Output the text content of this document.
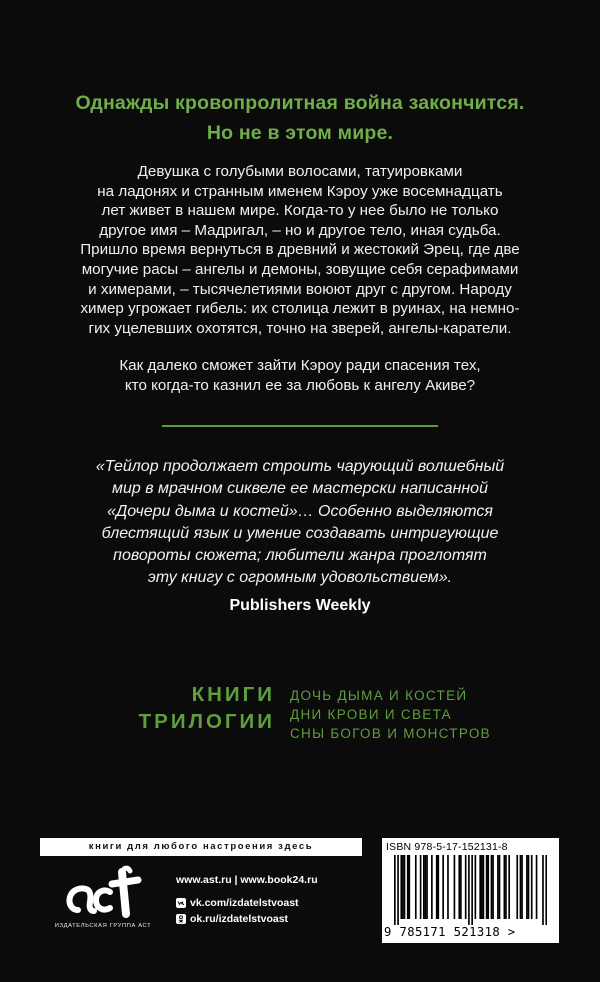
Однажды кровопролитная война закончится.
Но не в этом мире.
Девушка с голубыми волосами, татуировками
на ладонях и странным именем Кэроу уже восемнадцать
лет живет в нашем мире. Когда-то у нее было не только
другое имя – Мадригал, – но и другое тело, иная судьба.
Пришло время вернуться в древний и жестокий Эрец, где две
могучие расы – ангелы и демоны, зовущие себя серафимами
и химерами, – тысячелетиями воюют друг с другом. Народу
химер угрожает гибель: их столица лежит в руинах, на немно-
гих уцелевших охотятся, точно на зверей, ангелы-каратели.
Как далеко сможет зайти Кэроу ради спасения тех,
кто когда-то казнил ее за любовь к ангелу Акиве?
«Тейлор продолжает строить чарующий волшебный
мир в мрачном сиквеле ее мастерски написанной
«Дочери дыма и костей»… Особенно выделяются
блестящий язык и умение создавать интригующие
повороты сюжета; любители жанра проглотят
эту книгу с огромным удовольствием».
Publishers Weekly
КНИГИ
ТРИЛОГИИ
ДОЧЬ ДЫМА И КОСТЕЙ
ДНИ КРОВИ И СВЕТА
СНЫ БОГОВ И МОНСТРОВ
книги для любого настроения здесь
ИЗДАТЕЛЬСКАЯ ГРУППА АСТ
www.ast.ru | www.book24.ru
vk.com/izdatelstvoast
ok.ru/izdatelstvoast
ISBN 978-5-17-152131-8
9 785171 521318 >
